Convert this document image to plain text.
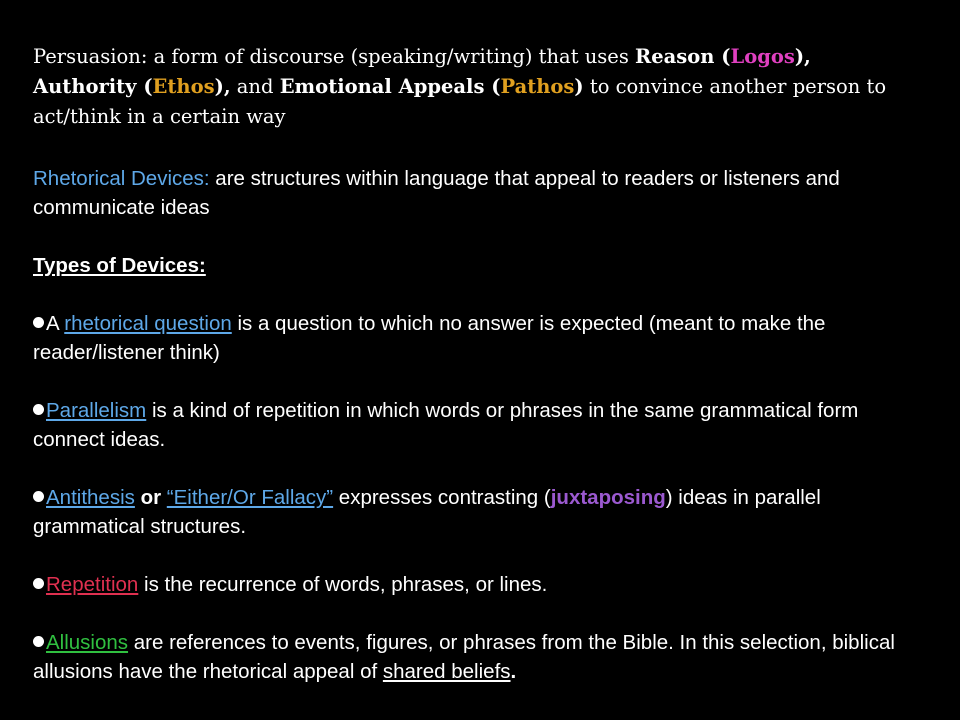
Persuasion: a form of discourse (speaking/writing) that uses Reason (Logos),
Authority (Ethos), and Emotional Appeals (Pathos) to convince another person to act/think in a certain way

Rhetorical Devices: are structures within language that appeal to readers or listeners and communicate ideas

Types of Devices:

A rhetorical question is a question to which no answer is expected (meant to make the reader/listener think)

Parallelism is a kind of repetition in which words or phrases in the same grammatical form connect ideas.

Antithesis or “Either/Or Fallacy” expresses contrasting (juxtaposing) ideas in parallel grammatical structures.

Repetition is the recurrence of words, phrases, or lines.

Allusions are references to events, figures, or phrases from the Bible. In this selection, biblical allusions have the rhetorical appeal of shared beliefs.
